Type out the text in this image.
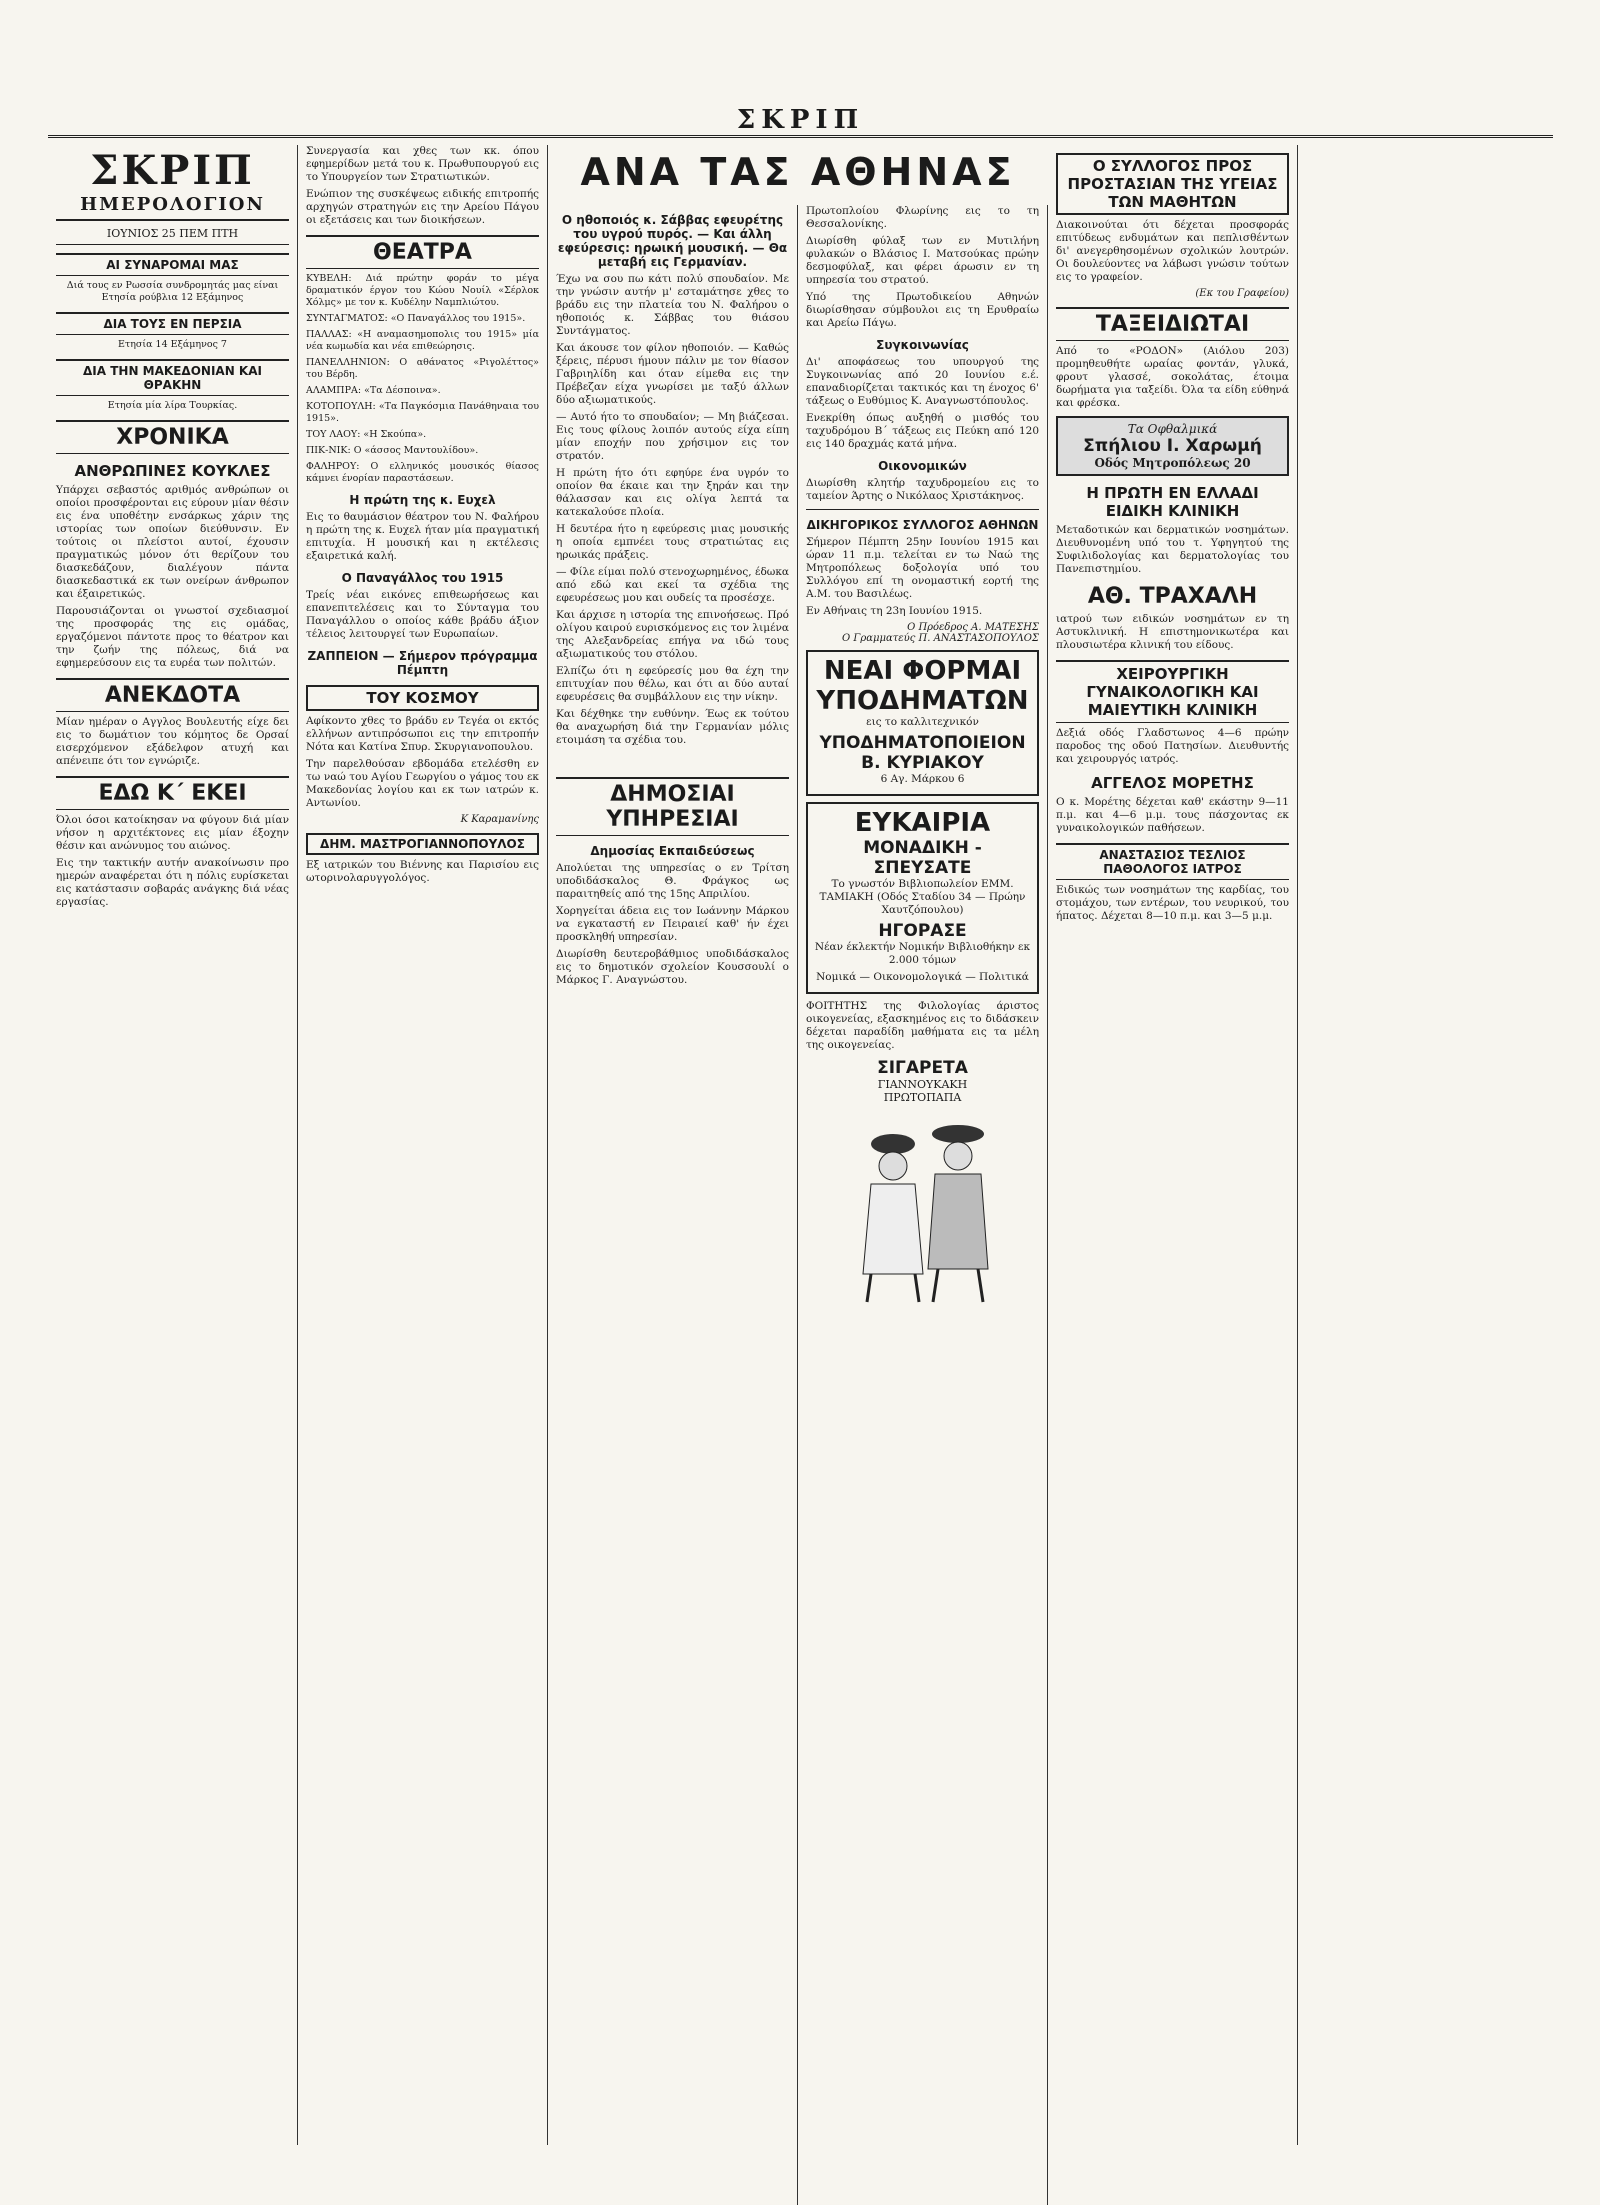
ΣΚΡΙΠ
ΣΚΡΙΠ
ΗΜΕΡΟΛΟΓΙΟΝ
ΙΟΥΝΙΟΣ 25 ΠΕΜ ΠΤΗ
ΑΙ ΣΥΝΑΡΟΜΑΙ ΜΑΣ

Διά τους εν Ρωσσία συνδρομητάς μας είναι Ετησία ρούβλια 12 Εξάμηνος

ΔΙΑ ΤΟΥΣ ΕΝ ΠΕΡΣΙΑ

Ετησία 14 Εξάμηνος 7

ΔΙΑ ΤΗΝ ΜΑΚΕΔΟΝΙΑΝ ΚΑΙ ΘΡΑΚΗΝ

Ετησία μία λίρα Τουρκίας.

ΧΡΟΝΙΚΑ
ΑΝΘΡΩΠΙΝΕΣ ΚΟΥΚΛΕΣ

Υπάρχει σεβαστός αριθμός ανθρώπων οι οποίοι προσφέρονται εις εύρουν μίαν θέσιν εις ένα υποθέτην ενσάρκως χάριν της ιστορίας των οποίων διεύθυνσιν. Εν τούτοις οι πλείστοι αυτοί, έχουσιν πραγματικώς μόνον ότι θερίζουν του διασκεδάζουν, διαλέγουν πάντα διασκεδαστικά εκ των ονείρων άνθρωπον και έξαιρετικώς.

Παρουσιάζονται οι γνωστοί σχεδιασμοί της προσφοράς της εις ομάδας, εργαζόμενοι πάντοτε προς το θέατρον και την ζωήν της πόλεως, διά να εφημερεύσουν εις τα ευρέα των πολιτών.

ΑΝΕΚΔΟΤΑ

Μίαν ημέραν ο Αγγλος Βουλευτής είχε δει εις το δωμάτιον του κόμητος δε Ορσαί εισερχόμενον εξάδελφον ατυχή και απένειπε ότι τον εγνώριζε.

ΕΔΩ Κ΄ ΕΚΕΙ

Όλοι όσοι κατοίκησαν να φύγουν διά μίαν νήσον η αρχιτέκτονες εις μίαν έξοχην θέσιν και ανώνυμος του αιώνος.

Εις την τακτικήν αυτήν ανακοίνωσιν προ ημερών αναφέρεται ότι η πόλις ευρίσκεται εις κατάστασιν σοβαράς ανάγκης διά νέας εργασίας.

Συνεργασία και χθες των κκ. όπου εφημερίδων μετά του κ. Πρωθυπουργού εις το Υπουργείον των Στρατιωτικών.

Ενώπιον της συσκέψεως ειδικής επιτροπής αρχηγών στρατηγών εις την Αρείου Πάγου οι εξετάσεις και των διοικήσεων.

ΘΕΑΤΡΑ

ΚΥΒΕΛΗ: Διά πρώτην φοράν το μέγα δραματικόν έργον του Κώου Νουίλ «Σέρλοκ Χόλμς» με τον κ. Κυδέλην Ναμπλιώτου.

ΣΥΝΤΑΓΜΑΤΟΣ: «Ο Παναγάλλος του 1915».

ΠΑΛΛΑΣ: «Η αναμασημοπολις του 1915» μία νέα κωμωδία και νέα επιθεώρησις.

ΠΑΝΕΛΛΗΝΙΟΝ: Ο αθάνατος «Ριγολέττος» του Βέρδη.

ΑΛΑΜΠΡΑ: «Τα Δέσποινα».

ΚΟΤΟΠΟΥΛΗ: «Τα Παγκόσμια Πανάθηναια του 1915».

ΤΟΥ ΛΑΟΥ: «Η Σκούπα».

ΠΙΚ-ΝΙΚ: Ο «άσσος Μαντουλίδου».

ΦΑΛΗΡΟΥ: Ο ελληνικός μουσικός θίασος κάμνει ένορίαν παραστάσεων.

Η πρώτη της κ. Ευχελ

Εις το θαυμάσιον θέατρον του Ν. Φαλήρου η πρώτη της κ. Ευχελ ήταν μία πραγματική επιτυχία. Η μουσική και η εκτέλεσις εξαιρετικά καλή.

Ο Παναγάλλος του 1915

Τρείς νέαι εικόνες επιθεωρήσεως και επανεπιτελέσεις και το Σύνταγμα του Παναγάλλου ο οποίος κάθε βράδυ άξιον τέλειος λειτουργεί των Ευρωπαίων.

ΖΑΠΠΕΙΟΝ — Σήμερον πρόγραμμα Πέμπτη
ΤΟΥ ΚΟΣΜΟΥ

Αφίκοντο χθες το βράδυ εν Τεγέα οι εκτός ελλήνων αντιπρόσωποι εις την επιτροπήν Νότα και Κατίνα Σπυρ. Σκυργιανοπουλου.

Την παρελθούσαν εβδομάδα ετελέσθη εν τω ναώ του Αγίου Γεωργίου ο γάμος του εκ Μακεδονίας λογίου και εκ των ιατρών κ. Αντωνίου.

Κ Καραμανίνης
ΔΗΜ. ΜΑΣΤΡΟΓΙΑΝΝΟΠΟΥΛΟΣ

Εξ ιατρικών του Βιέννης και Παρισίου εις ωτορινολαρυγγολόγος.

ΑΝΑ ΤΑΣ ΑΘΗΝΑΣ
Ο ηθοποιός κ. Σάββας εφευρέτης του υγρού πυρός. — Και άλλη εφεύρεσις: ηρωική μουσική. — Θα μεταβή εις Γερμανίαν.

Έχω να σου πω κάτι πολύ σπουδαίον. Με την γνώσιν αυτήν μ' εσταμάτησε χθες το βράδυ εις την πλατεία του Ν. Φαλήρου ο ηθοποιός κ. Σάββας του θιάσου Συντάγματος.

Και άκουσε τον φίλον ηθοποιόν. — Καθώς ξέρεις, πέρυσι ήμουν πάλιν με τον θίασον Γαβριηλίδη και όταν είμεθα εις την Πρέβεζαν είχα γνωρίσει με ταξύ άλλων δύο αξιωματικούς.

— Αυτό ήτο το σπουδαίον; — Μη βιάζεσαι. Εις τους φίλους λοιπόν αυτούς είχα είπη μίαν εποχήν που χρήσιμον εις τον στρατόν.

Η πρώτη ήτο ότι εφηύρε ένα υγρόν το οποίον θα έκαιε και την ξηράν και την θάλασσαν και εις ολίγα λεπτά τα κατεκαλούσε πλοία.

Η δευτέρα ήτο η εφεύρεσις μιας μουσικής η οποία εμπνέει τους στρατιώτας εις ηρωικάς πράξεις.

— Φίλε είμαι πολύ στενοχωρημένος, έδωκα από εδώ και εκεί τα σχέδια της εφευρέσεως μου και ουδείς τα προσέσχε.

Και άρχισε η ιστορία της επινοήσεως. Πρό ολίγου καιρού ευρισκόμενος εις τον λιμένα της Αλεξανδρείας επήγα να ιδώ τους αξιωματικούς του στόλου.

Ελπίζω ότι η εφεύρεσίς μου θα έχη την επιτυχίαν που θέλω, και ότι αι δύο αυταί εφευρέσεις θα συμβάλλουν εις την νίκην.

Και δέχθηκε την ευθύνην. Έως εκ τούτου θα αναχωρήση διά την Γερμανίαν μόλις ετοιμάση τα σχέδια του.

ΔΗΜΟΣΙΑΙ ΥΠΗΡΕΣΙΑΙ
Δημοσίας Εκπαιδεύσεως

Απολύεται της υπηρεσίας ο εν Τρίτση υποδιδάσκαλος Θ. Φράγκος ως παραιτηθείς από της 15ης Απριλίου.

Χορηγείται άδεια εις τον Ιωάννην Μάρκου να εγκαταστή εν Πειραιεί καθ' ήν έχει προσκληθή υπηρεσίαν.

Διωρίσθη δευτεροβάθμιος υποδιδάσκαλος εις το δημοτικόν σχολείον Κουσσουλί ο Μάρκος Γ. Αναγνώστου.

Πρωτοπλοίου Φλωρίνης εις το τη Θεσσαλονίκης.

Διωρίσθη φύλαξ των εν Μυτιλήνη φυλακών ο Βλάσιος Ι. Ματσούκας πρώην δεσμοφύλαξ, και φέρει άρωσιν εν τη υπηρεσία του στρατού.

Υπό της Πρωτοδικείου Αθηνών διωρίσθησαν σύμβουλοι εις τη Ερυθραίω και Αρείω Πάγω.

Συγκοινωνίας

Δι' αποφάσεως του υπουργού της Συγκοινωνίας από 20 Ιουνίου ε.έ. επαναδιορίζεται τακτικός και τη ένοχος 6' τάξεως ο Ευθύμιος Κ. Αναγνωστόπουλος.

Ενεκρίθη όπως αυξηθή ο μισθός του ταχυδρόμου Β΄ τάξεως εις Πεύκη από 120 εις 140 δραχμάς κατά μήνα.

Οικονομικών

Διωρίσθη κλητήρ ταχυδρομείου εις το ταμείον Άρτης ο Νικόλαος Χριστάκηνος.

ΔΙΚΗΓΟΡΙΚΟΣ ΣΥΛΛΟΓΟΣ ΑΘΗΝΩΝ

Σήμερον Πέμπτη 25ην Ιουνίου 1915 και ώραν 11 π.μ. τελείται εν τω Ναώ της Μητροπόλεως δοξολογία υπό του Συλλόγου επί τη ονομαστική εορτή της Α.Μ. του Βασιλέως.

Εν Αθήναις τη 23η Ιουνίου 1915.

Ο Πρόεδρος Α. ΜΑΤΕΣΗΣ
Ο Γραμματεύς Π. ΑΝΑΣΤΑΣΟΠΟΥΛΟΣ
ΝΕΑΙ ΦΟΡΜΑΙ ΥΠΟΔΗΜΑΤΩΝ

εις το καλλιτεχνικόν

ΥΠΟΔΗΜΑΤΟΠΟΙΕΙΟΝ Β. ΚΥΡΙΑΚΟΥ

6 Αγ. Μάρκου 6

ΕΥΚΑΙΡΙΑ
ΜΟΝΑΔΙΚΗ - ΣΠΕΥΣΑΤΕ

Το γνωστόν Βιβλιοπωλείον ΕΜΜ. ΤΑΜΙΑΚΗ (Οδός Σταδίου 34 — Πρώην Χαυτζόπουλου)

ΗΓΟΡΑΣΕ

Νέαν έκλεκτήν Νομικήν Βιβλιοθήκην εκ 2.000 τόμων

Νομικά — Οικονομολογικά — Πολιτικά

ΦΟΙΤΗΤΗΣ της Φιλολογίας άριστος οικογενείας, εξασκημένος εις το διδάσκειν δέχεται παραδίδη μαθήματα εις τα μέλη της οικογενείας.

ΣΙΓΑΡΕΤΑ
ΓΙΑΝΝΟΥΚΑΚΗ
ΠΡΩΤΟΠΑΠΑ
Ο ΣΥΛΛΟΓΟΣ ΠΡΟΣ ΠΡΟΣΤΑΣΙΑΝ ΤΗΣ ΥΓΕΙΑΣ ΤΩΝ ΜΑΘΗΤΩΝ

Διακοινούται ότι δέχεται προσφοράς επιτύδεως ενδυμάτων και πεπλισθέντων δι' ανεγερθησομένων σχολικών λουτρών. Οι δουλεύοντες να λάβωσι γνώσιν τούτων εις το γραφείον.

(Εκ του Γραφείου)
ΤΑΞΕΙΔΙΩΤΑΙ

Από το «ΡΟΔΟΝ» (Αιόλου 203) προμηθευθήτε ωραίας φοντάν, γλυκά, φρουτ γλασσέ, σοκολάτας, έτοιμα δωρήματα για ταξείδι. Όλα τα είδη εύθηνά και φρέσκα.

Τα Οφθαλμικά
Σπήλιου Ι. Χαρωμή
Οδός Μητροπόλεως 20
Η ΠΡΩΤΗ ΕΝ ΕΛΛΑΔΙ ΕΙΔΙΚΗ ΚΛΙΝΙΚΗ

Μεταδοτικών και δερματικών νοσημάτων. Διευθυνομένη υπό του τ. Υφηγητού της Συφιλιδολογίας και δερματολογίας του Πανεπιστημίου.

ΑΘ. ΤΡΑΧΑΛΗ

ιατρού των ειδικών νοσημάτων εν τη Αστυκλινική. Η επιστημονικωτέρα και πλουσιωτέρα κλινική του είδους.

ΧΕΙΡΟΥΡΓΙΚΗ ΓΥΝΑΙΚΟΛΟΓΙΚΗ ΚΑΙ ΜΑΙΕΥΤΙΚΗ ΚΛΙΝΙΚΗ

Δεξιά οδός Γλαδστωνος 4—6 πρώην παροδος της οδού Πατησίων. Διευθυντής και χειρουργός ιατρός.

ΑΓΓΕΛΟΣ ΜΟΡΕΤΗΣ

Ο κ. Μορέτης δέχεται καθ' εκάστην 9—11 π.μ. και 4—6 μ.μ. τους πάσχοντας εκ γυναικολογικών παθήσεων.

ΑΝΑΣΤΑΣΙΟΣ ΤΕΣΛΙΟΣ ΠΑΘΟΛΟΓΟΣ ΙΑΤΡΟΣ

Ειδικώς των νοσημάτων της καρδίας, του στομάχου, των εντέρων, του νευρικού, του ήπατος. Δέχεται 8—10 π.μ. και 3—5 μ.μ.
